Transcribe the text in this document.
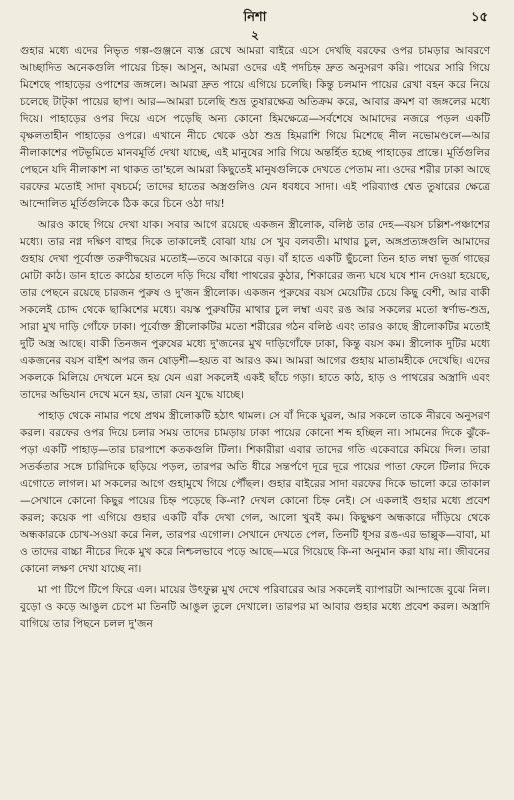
নিশা	১৫
২

গুহার মধ্যে এদের নিভৃত গল্প-গুঞ্জনে ব্যস্ত রেখে আমরা বাইরে এসে দেখছি বরফের ওপর চামড়ার আবরণে আচ্ছাদিত অনেকগুলি পায়ের চিহ্ন। আসুন, আমরা ওদের এই পদচিহ্ন দ্রুত অনুসরণ করি। পায়ের সারি গিয়ে মিশেছে পাহাড়ের ওপাশের জঙ্গলে। আমরা দ্রুত পায়ে এগিয়ে চলেছি। কিন্তু চলমান পায়ের রেখা বহন করে নিয়ে চলেছে টাট্‌কা পায়ের ছাপ। আর—আমরা চলেছি শুভ্র তুষারক্ষেত্র অতিক্রম করে, আবার ক্রমশ বা জঙ্গলের মধ্যে দিয়ে। পাহাড়ের ওপর দিয়ে এসে পড়েছি অন্য কোনো হিমক্ষেত্রে—সর্বশেষে আমাদের নজরে পড়ল একটি বৃক্ষলতাহীন পাহাড়ের ওপরে। এখানে নীচে থেকে ওঠা শুভ্র হিমরাশি গিয়ে মিশেছে নীল নভোমণ্ডলে—আর নীলাকাশের পটভূমিতে মানবমূর্তি দেখা যাচ্ছে, এই মানুষের সারি গিয়ে অন্তর্হিত হচ্ছে পাহাড়ের প্রান্তে। মূর্তিগুলির পেছনে যদি নীলাকাশ না থাকত তা'হলে আমরা কিছুতেই মানুষগুলিকে দেখতে পেতাম না। ওদের শরীর ঢাকা আছে বরফের মতোই সাদা বৃষচর্মে; তাদের হাতের অস্ত্রগুলিও যেন ধবধবে সাদা। এই পরিব্যাপ্ত শ্বেত তুষারের ক্ষেত্রে আন্দোলিত মূর্তিগুলিকে ঠিক করে চিনে ওঠা দায়!

আরও কাছে গিয়ে দেখা যাক। সবার আগে রয়েছে একজন স্ত্রীলোক, বলিষ্ঠ তার দেহ—বয়স চল্লিশ-পঞ্চাশের মধ্যে। তার নগ্ন দক্ষিণ বাহুর দিকে তাকালেই বোঝা যায় সে খুব বলবতী। মাথার চুল, অঙ্গপ্রত্যঙ্গগুলি আমাদের গুহায় দেখা পূর্বোক্ত তরুণীদ্বয়ের মতোই—তবে আকারে বড়। বাঁ হাতে একটি ছুঁচলো তিন হাত লম্বা ভূর্জ গাছের মোটা কাঠ। ডান হাতে কাঠের হাতলে দড়ি দিয়ে বাঁধা পাথরের কুঠার, শিকারের জন্য ঘষে ঘষে শান দেওয়া হয়েছে, তার পেছনে রয়েছে চারজন পুরুষ ও দু'জন স্ত্রীলোক। একজন পুরুষের বয়স মেয়েটির চেয়ে কিছু বেশী, আর বাকী সকলেই চোদ্দ থেকে ছাব্বিশের মধ্যে। বয়স্ক পুরুষটির মাথার চুল লম্বা এবং রঙ আর সকলের মতো স্বর্ণাভ-শুভ্র, সারা মুখ দাড়ি গোঁফে ঢাকা। পূর্বোক্ত স্ত্রীলোকটির মতো শরীরের গঠন বলিষ্ঠ এবং তারও কাছে স্ত্রীলোকটির মতোই দুটি অস্ত্র আছে। বাকী তিনজন পুরুষের মধ্যে দু'জনের মুখ দাড়িগোঁফে ঢাকা, কিন্তু বয়স কম। স্ত্রীলোক দুটির মধ্যে একজনের বয়স বাইশ অপর জন ষোড়শী—হয়ত বা আরও কম। আমরা আগের গুহায় মাতামহীকে দেখেছি। এদের সকলকে মিলিয়ে দেখলে মনে হয় যেন এরা সকলেই একই ছাঁচে গড়া। হাতে কাঠ, হাড় ও পাথরের অস্ত্রাদি এবং তাদের অভিযান দেখে মনে হয়, তারা যেন যুদ্ধে যাচ্ছে।

পাহাড় থেকে নামার পথে প্রথম স্ত্রীলোকটি হঠাৎ থামল। সে বাঁ দিকে ঘুরল, আর সকলে তাকে নীরবে অনুসরণ করল। বরফের ওপর দিয়ে চলার সময় তাদের চামড়ায় ঢাকা পায়ের কোনো শব্দ হচ্ছিল না। সামনের দিকে ঝুঁকে-পড়া একটি পাহাড়—তার চারপাশে কতকগুলি টিলা। শিকারীরা এবার তাদের গতি একেবারে কমিয়ে দিল। তারা সতর্কতার সঙ্গে চারিদিকে ছড়িয়ে পড়ল, তারপর অতি ধীরে সন্তর্পণে দূরে দূরে পায়ের পাতা ফেলে টিলার দিকে এগোতে লাগল। মা সকলের আগে গুহামুখে গিয়ে পৌঁছল। গুহার বাইরের সাদা বরফের দিকে ভালো করে তাকাল—সেখানে কোনো কিছুর পায়ের চিহ্ন পড়েছে কি-না? দেখল কোনো চিহ্ন নেই। সে একলাই গুহার মধ্যে প্রবেশ করল; কয়েক পা এগিয়ে গুহার একটি বাঁক দেখা গেল, আলো খুবই কম। কিছুক্ষণ অন্ধকারে দাঁড়িয়ে থেকে অন্ধকারকে চোখ-সওয়া করে নিল, তারপর এগোল। সেখানে দেখতে পেল, তিনটি ধূসর রঙ-এর ভাল্লুক—বাবা, মা ও তাদের বাচ্চা নীচের দিকে মুখ করে নিশ্চলভাবে পড়ে আছে—মরে গিয়েছে কি-না অনুমান করা যায় না। জীবনের কোনো লক্ষণ দেখা যাচ্ছে না।

মা পা টিপে টিপে ফিরে এল। মায়ের উৎফুল্ল মুখ দেখে পরিবারের আর সকলেই ব্যাপারটা আন্দাজে বুঝে নিল। বুড়ো ও কড়ে আঙুল চেপে মা তিনটি আঙুল তুলে দেখালে। তারপর মা আবার গুহার মধ্যে প্রবেশ করল। অস্ত্রাদি বাগিয়ে তার পিছনে চলল দু'জন
